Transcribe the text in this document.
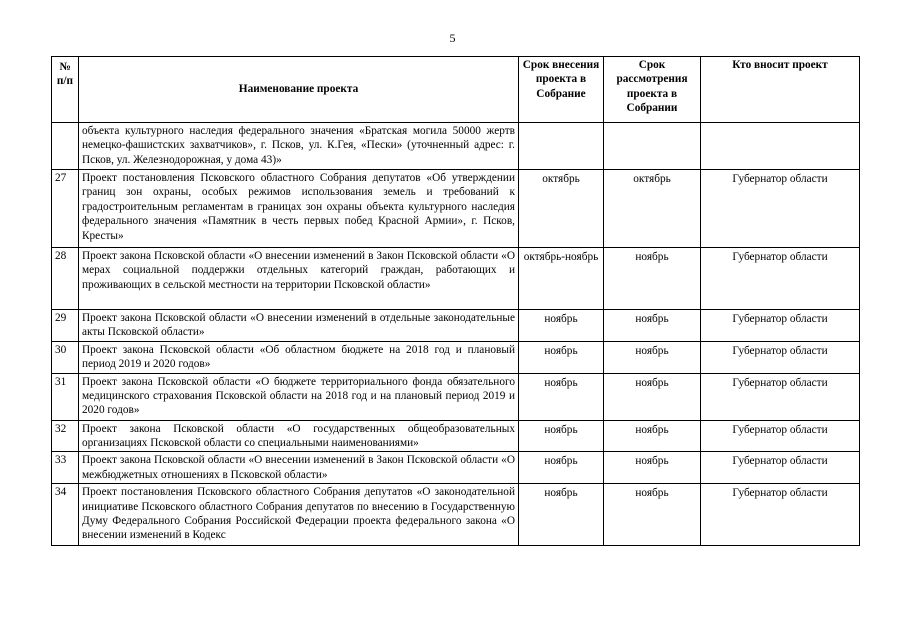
5
№ п/п	Наименование проекта	Срок внесения проекта в Собрание	Срок рассмотрения проекта в Собрании	Кто вносит проект
	объекта культурного наследия федерального значения «Братская могила 50000 жертв немецко-фашистских захватчиков», г. Псков, ул. К.Гея, «Пески» (уточненный адрес: г. Псков, ул. Железнодорожная, у дома 43)»			
27	Проект постановления Псковского областного Собрания депутатов «Об утверждении границ зон охраны, особых режимов использования земель и требований к градостроительным регламентам в границах зон охраны объекта культурного наследия федерального значения «Памятник в честь первых побед Красной Армии», г. Псков, Кресты»	октябрь	октябрь	Губернатор области
28	Проект закона Псковской области «О внесении изменений в Закон Псковской области «О мерах социальной поддержки отдельных категорий граждан, работающих и проживающих в сельской местности на территории Псковской области»	октябрь-ноябрь	ноябрь	Губернатор области
29	Проект закона Псковской области «О внесении изменений в отдельные законодательные акты Псковской области»	ноябрь	ноябрь	Губернатор области
30	Проект закона Псковской области «Об областном бюджете на 2018 год и плановый период 2019 и 2020 годов»	ноябрь	ноябрь	Губернатор области
31	Проект закона Псковской области «О бюджете территориального фонда обязательного медицинского страхования Псковской области на 2018 год и на плановый период 2019 и 2020 годов»	ноябрь	ноябрь	Губернатор области
32	Проект закона Псковской области «О государственных общеобразовательных организациях Псковской области со специальными наименованиями»	ноябрь	ноябрь	Губернатор области
33	Проект закона Псковской области «О внесении изменений в Закон Псковской области «О межбюджетных отношениях в Псковской области»	ноябрь	ноябрь	Губернатор области
34	Проект постановления Псковского областного Собрания депутатов «О законодательной инициативе Псковского областного Собрания депутатов по внесению в Государственную Думу Федерального Собрания Российской Федерации проекта федерального закона «О внесении изменений в Кодекс	ноябрь	ноябрь	Губернатор области
